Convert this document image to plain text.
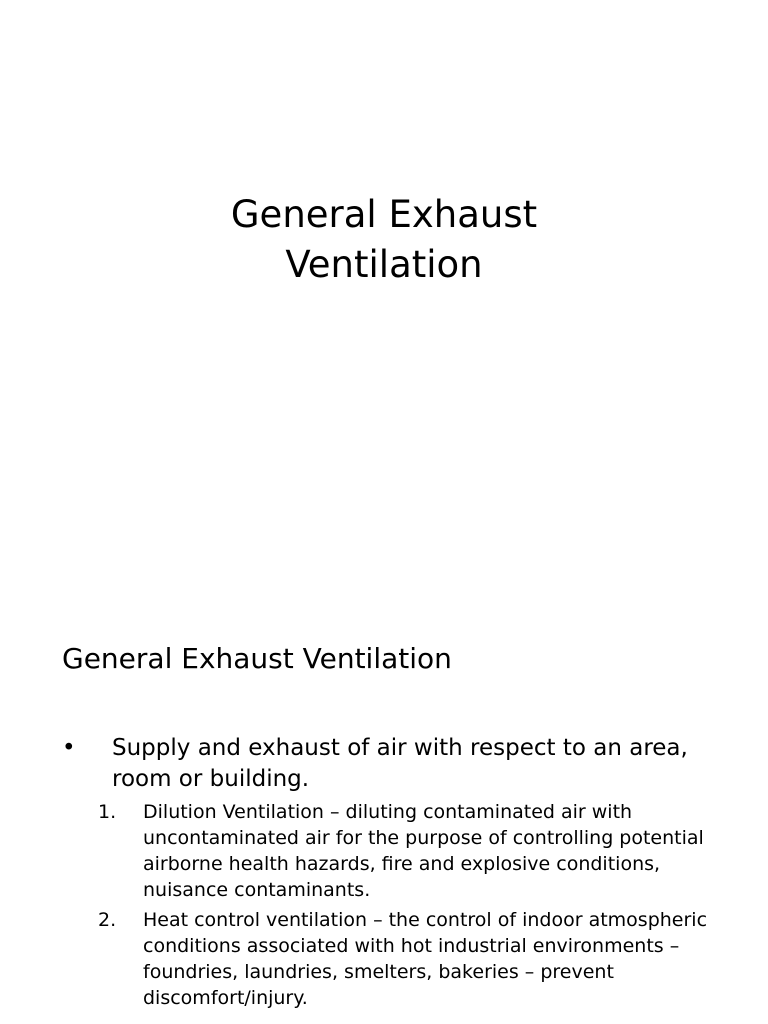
General Exhaust
Ventilation
General Exhaust Ventilation
•	Supply and exhaust of air with respect to an area, room or building.
1.	Dilution Ventilation – diluting contaminated air with uncontaminated air for the purpose of controlling potential airborne health hazards, fire and explosive conditions, nuisance contaminants.
2.	Heat control ventilation – the control of indoor atmospheric conditions associated with hot industrial environments – foundries, laundries, smelters, bakeries – prevent discomfort/injury.
